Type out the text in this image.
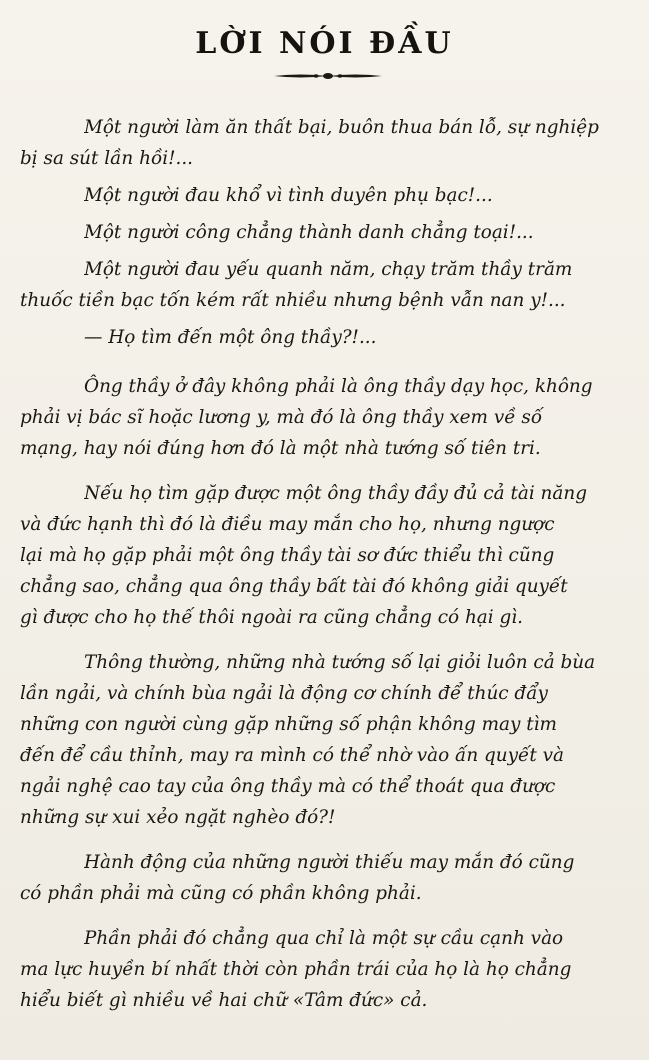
LỜI NÓI ĐẦU
Một người làm ăn thất bại, buôn thua bán lỗ, sự nghiệp
bị sa sút lần hồi!...
Một người đau khổ vì tình duyên phụ bạc!...
Một người công chẳng thành danh chẳng toại!...
Một người đau yếu quanh năm, chạy trăm thầy trăm
thuốc tiền bạc tốn kém rất nhiều nhưng bệnh vẫn nan y!...
— Họ tìm đến một ông thầy?!...
Ông thầy ở đây không phải là ông thầy dạy học, không
phải vị bác sĩ hoặc lương y, mà đó là ông thầy xem về số
mạng, hay nói đúng hơn đó là một nhà tướng số tiên tri.
Nếu họ tìm gặp được một ông thầy đầy đủ cả tài năng
và đức hạnh thì đó là điều may mắn cho họ, nhưng ngược
lại mà họ gặp phải một ông thầy tài sơ đức thiểu thì cũng
chẳng sao, chẳng qua ông thầy bất tài đó không giải quyết
gì được cho họ thế thôi ngoài ra cũng chẳng có hại gì.
Thông thường, những nhà tướng số lại giỏi luôn cả bùa
lần ngải, và chính bùa ngải là động cơ chính để thúc đẩy
những con người cùng gặp những số phận không may tìm
đến để cầu thỉnh, may ra mình có thể nhờ vào ấn quyết và
ngải nghệ cao tay của ông thầy mà có thể thoát qua được
những sự xui xẻo ngặt nghèo đó?!
Hành động của những người thiếu may mắn đó cũng
có phần phải mà cũng có phần không phải.
Phần phải đó chẳng qua chỉ là một sự cầu cạnh vào
ma lực huyền bí nhất thời còn phần trái của họ là họ chẳng
hiểu biết gì nhiều về hai chữ «Tâm đức» cả.
